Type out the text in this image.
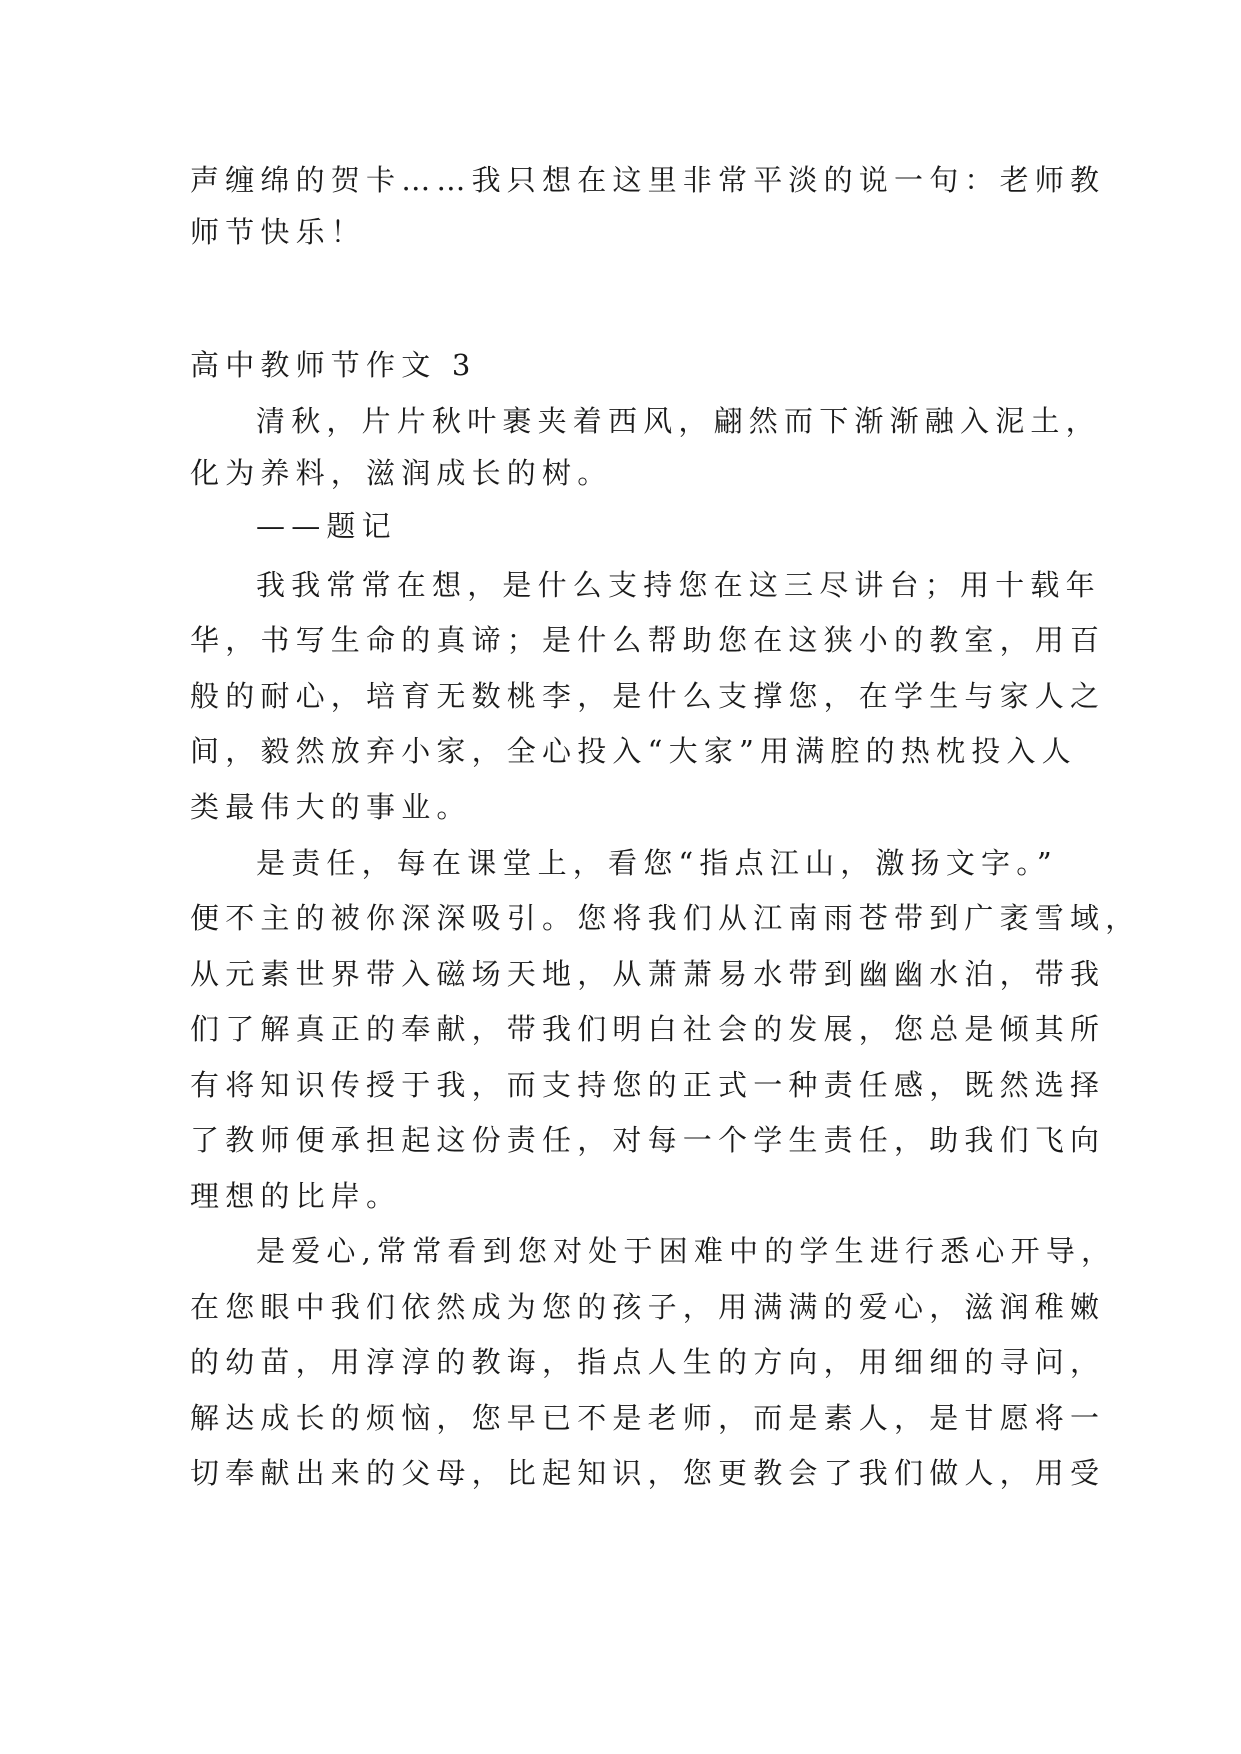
声缠绵的贺卡……我只想在这里非常平淡的说一句：老师教
师节快乐！
高中教师节作文 3
清秋，片片秋叶裹夹着西风，翩然而下渐渐融入泥土，
化为养料，滋润成长的树。
——题记
我我常常在想，是什么支持您在这三尽讲台；用十载年
华，书写生命的真谛；是什么帮助您在这狭小的教室，用百
般的耐心，培育无数桃李，是什么支撑您，在学生与家人之
间，毅然放弃小家，全心投入“大家”用满腔的热枕投入人
类最伟大的事业。
是责任，每在课堂上，看您“指点江山，激扬文字。”
便不主的被你深深吸引。您将我们从江南雨苍带到广袤雪域，
从元素世界带入磁场天地，从萧萧易水带到幽幽水泊，带我
们了解真正的奉献，带我们明白社会的发展，您总是倾其所
有将知识传授于我，而支持您的正式一种责任感，既然选择
了教师便承担起这份责任，对每一个学生责任，助我们飞向
理想的比岸。
是爱心,常常看到您对处于困难中的学生进行悉心开导，
在您眼中我们依然成为您的孩子，用满满的爱心，滋润稚嫩
的幼苗，用淳淳的教诲，指点人生的方向，用细细的寻问，
解达成长的烦恼，您早已不是老师，而是素人，是甘愿将一
切奉献出来的父母，比起知识，您更教会了我们做人，用受
